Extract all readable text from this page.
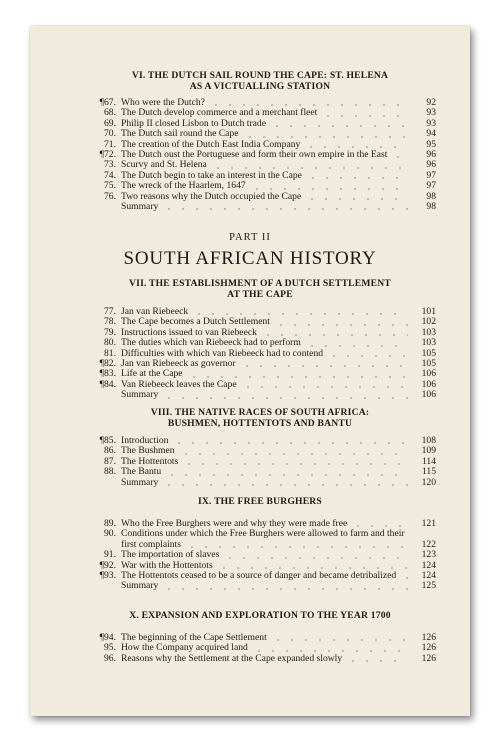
VI. THE DUTCH SAIL ROUND THE CAPE: ST. HELENA
AS A VICTUALLING STATION
¶67. Who were the Dutch?	92
68. The Dutch develop commerce and a merchant fleet	93
69. Philip II closed Lisbon to Dutch trade	93
70. The Dutch sail round the Cape	94
71. The creation of the Dutch East India Company	95
¶72. The Dutch oust the Portuguese and form their own empire in the East	96
73. Scurvy and St. Helena	96
74. The Dutch begin to take an interest in the Cape	97
75. The wreck of the Haarlem, 1647	97
76. Two reasons why the Dutch occupied the Cape	98
Summary	98
PART II
SOUTH AFRICAN HISTORY
VII. THE ESTABLISHMENT OF A DUTCH SETTLEMENT
AT THE CAPE
77. Jan van Riebeeck	101
78. The Cape becomes a Dutch Settlement	102
79. Instructions issued to van Riebeeck	103
80. The duties which van Riebeeck had to perform	103
81. Difficulties with which van Riebeeck had to contend	105
¶82. Jan van Riebeeck as governor	105
¶83. Life at the Cape	106
¶84. Van Riebeeck leaves the Cape	106
Summary	106
VIII. THE NATIVE RACES OF SOUTH AFRICA:
BUSHMEN, HOTTENTOTS AND BANTU
¶85. Introduction	108
86. The Bushmen	109
87. The Hottentots	114
88. The Bantu	115
Summary	120
IX. THE FREE BURGHERS
89. Who the Free Burghers were and why they were made free	121
90. Conditions under which the Free Burghers were allowed to farm and their first complaints	122
91. The importation of slaves	123
¶92. War with the Hottentots	124
¶93. The Hottentots ceased to be a source of danger and became detribalized	124
Summary	125
X. EXPANSION AND EXPLORATION TO THE YEAR 1700
¶94. The beginning of the Cape Settlement	126
95. How the Company acquired land	126
96. Reasons why the Settlement at the Cape expanded slowly	126
